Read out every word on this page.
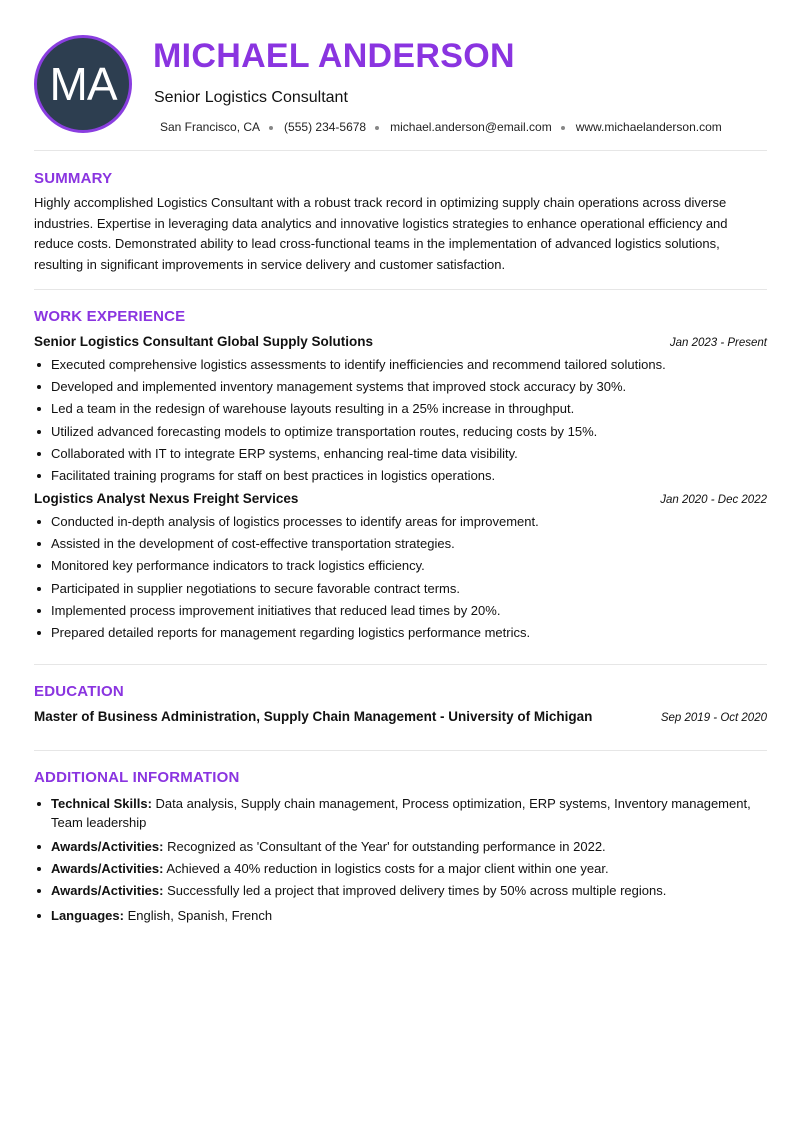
MA
MICHAEL ANDERSON
Senior Logistics Consultant
San Francisco, CA (555) 234-5678 michael.anderson@email.com www.michaelanderson.com
SUMMARY
Highly accomplished Logistics Consultant with a robust track record in optimizing supply chain operations across diverse industries. Expertise in leveraging data analytics and innovative logistics strategies to enhance operational efficiency and reduce costs. Demonstrated ability to lead cross-functional teams in the implementation of advanced logistics solutions, resulting in significant improvements in service delivery and customer satisfaction.
WORK EXPERIENCE
Senior Logistics Consultant Global Supply Solutions	Jan 2023 - Present
Executed comprehensive logistics assessments to identify inefficiencies and recommend tailored solutions.
Developed and implemented inventory management systems that improved stock accuracy by 30%.
Led a team in the redesign of warehouse layouts resulting in a 25% increase in throughput.
Utilized advanced forecasting models to optimize transportation routes, reducing costs by 15%.
Collaborated with IT to integrate ERP systems, enhancing real-time data visibility.
Facilitated training programs for staff on best practices in logistics operations.
Logistics Analyst Nexus Freight Services	Jan 2020 - Dec 2022
Conducted in-depth analysis of logistics processes to identify areas for improvement.
Assisted in the development of cost-effective transportation strategies.
Monitored key performance indicators to track logistics efficiency.
Participated in supplier negotiations to secure favorable contract terms.
Implemented process improvement initiatives that reduced lead times by 20%.
Prepared detailed reports for management regarding logistics performance metrics.
EDUCATION
Master of Business Administration, Supply Chain Management - University of Michigan	Sep 2019 - Oct 2020
ADDITIONAL INFORMATION
Technical Skills: Data analysis, Supply chain management, Process optimization, ERP systems, Inventory management, Team leadership
Awards/Activities: Recognized as 'Consultant of the Year' for outstanding performance in 2022.
Awards/Activities: Achieved a 40% reduction in logistics costs for a major client within one year.
Awards/Activities: Successfully led a project that improved delivery times by 50% across multiple regions.
Languages: English, Spanish, French
